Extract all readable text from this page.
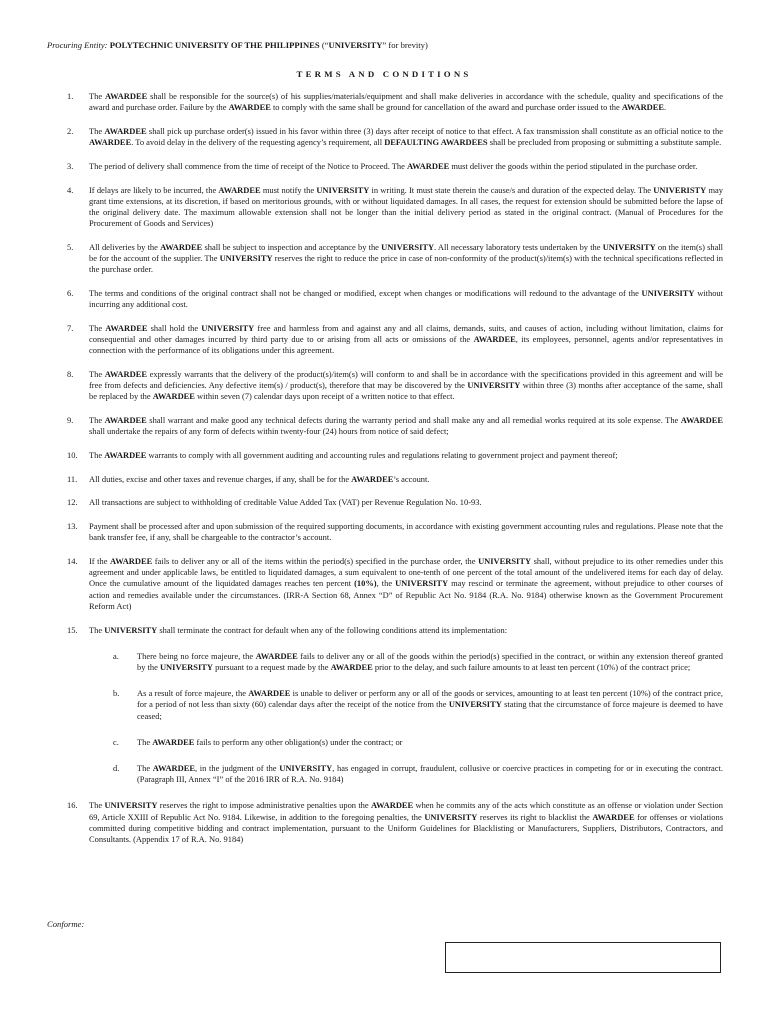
Procuring Entity: POLYTECHNIC UNIVERSITY OF THE PHILIPPINES (“UNIVERSITY” for brevity)
TERMS AND CONDITIONS
1. The AWARDEE shall be responsible for the source(s) of his supplies/materials/equipment and shall make deliveries in accordance with the schedule, quality and specifications of the award and purchase order. Failure by the AWARDEE to comply with the same shall be ground for cancellation of the award and purchase order issued to the AWARDEE.
2. The AWARDEE shall pick up purchase order(s) issued in his favor within three (3) days after receipt of notice to that effect. A fax transmission shall constitute as an official notice to the AWARDEE. To avoid delay in the delivery of the requesting agency’s requirement, all DEFAULTING AWARDEES shall be precluded from proposing or submitting a substitute sample.
3. The period of delivery shall commence from the time of receipt of the Notice to Proceed. The AWARDEE must deliver the goods within the period stipulated in the purchase order.
4. If delays are likely to be incurred, the AWARDEE must notify the UNIVERSITY in writing. It must state therein the cause/s and duration of the expected delay. The UNIVERISTY may grant time extensions, at its discretion, if based on meritorious grounds, with or without liquidated damages. In all cases, the request for extension should be submitted before the lapse of the original delivery date. The maximum allowable extension shall not be longer than the initial delivery period as stated in the original contract. (Manual of Procedures for the Procurement of Goods and Services)
5. All deliveries by the AWARDEE shall be subject to inspection and acceptance by the UNIVERSITY. All necessary laboratory tests undertaken by the UNIVERSITY on the item(s) shall be for the account of the supplier. The UNIVERSITY reserves the right to reduce the price in case of non-conformity of the product(s)/item(s) with the technical specifications reflected in the purchase order.
6. The terms and conditions of the original contract shall not be changed or modified, except when changes or modifications will redound to the advantage of the UNIVERSITY without incurring any additional cost.
7. The AWARDEE shall hold the UNIVERSITY free and harmless from and against any and all claims, demands, suits, and causes of action, including without limitation, claims for consequential and other damages incurred by third party due to or arising from all acts or omissions of the AWARDEE, its employees, personnel, agents and/or representatives in connection with the performance of its obligations under this agreement.
8. The AWARDEE expressly warrants that the delivery of the product(s)/item(s) will conform to and shall be in accordance with the specifications provided in this agreement and will be free from defects and deficiencies. Any defective item(s) / product(s), therefore that may be discovered by the UNIVERSITY within three (3) months after acceptance of the same, shall be replaced by the AWARDEE within seven (7) calendar days upon receipt of a written notice to that effect.
9. The AWARDEE shall warrant and make good any technical defects during the warranty period and shall make any and all remedial works required at its sole expense. The AWARDEE shall undertake the repairs of any form of defects within twenty-four (24) hours from notice of said defect;
10. The AWARDEE warrants to comply with all government auditing and accounting rules and regulations relating to government project and payment thereof;
11. All duties, excise and other taxes and revenue charges, if any, shall be for the AWARDEE’s account.
12. All transactions are subject to withholding of creditable Value Added Tax (VAT) per Revenue Regulation No. 10-93.
13. Payment shall be processed after and upon submission of the required supporting documents, in accordance with existing government accounting rules and regulations. Please note that the bank transfer fee, if any, shall be chargeable to the contractor’s account.
14. If the AWARDEE fails to deliver any or all of the items within the period(s) specified in the purchase order, the UNIVERSITY shall, without prejudice to its other remedies under this agreement and under applicable laws, be entitled to liquidated damages, a sum equivalent to one-tenth of one percent of the total amount of the undelivered items for each day of delay. Once the cumulative amount of the liquidated damages reaches ten percent (10%), the UNIVERSITY may rescind or terminate the agreement, without prejudice to other courses of action and remedies available under the circumstances. (IRR-A Section 68, Annex “D” of Republic Act No. 9184 (R.A. No. 9184) otherwise known as the Government Procurement Reform Act)
15. The UNIVERSITY shall terminate the contract for default when any of the following conditions attend its implementation:
a. There being no force majeure, the AWARDEE fails to deliver any or all of the goods within the period(s) specified in the contract, or within any extension thereof granted by the UNIVERSITY pursuant to a request made by the AWARDEE prior to the delay, and such failure amounts to at least ten percent (10%) of the contract price;
b. As a result of force majeure, the AWARDEE is unable to deliver or perform any or all of the goods or services, amounting to at least ten percent (10%) of the contract price, for a period of not less than sixty (60) calendar days after the receipt of the notice from the UNIVERSITY stating that the circumstance of force majeure is deemed to have ceased;
c. The AWARDEE fails to perform any other obligation(s) under the contract; or
d. The AWARDEE, in the judgment of the UNIVERSITY, has engaged in corrupt, fraudulent, collusive or coercive practices in competing for or in executing the contract. (Paragraph III, Annex “I” of the 2016 IRR of R.A. No. 9184)
16. The UNIVERSITY reserves the right to impose administrative penalties upon the AWARDEE when he commits any of the acts which constitute as an offense or violation under Section 69, Article XXIII of Republic Act No. 9184. Likewise, in addition to the foregoing penalties, the UNIVERSITY reserves its right to blacklist the AWARDEE for offenses or violations committed during competitive bidding and contract implementation, pursuant to the Uniform Guidelines for Blacklisting or Manufacturers, Suppliers, Distributors, Contractors, and Consultants. (Appendix 17 of R.A. No. 9184)
Conforme:
